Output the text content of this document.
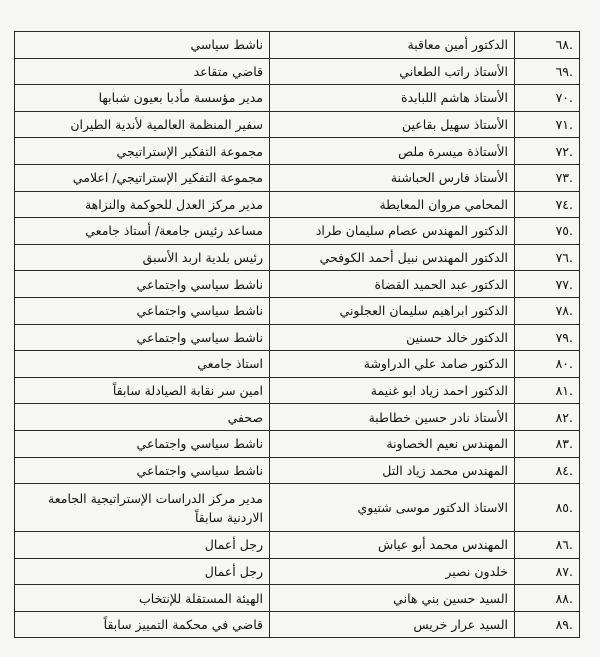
.٦٨	الدكتور أمين معاقبة	ناشط سياسي
.٦٩	الأستاذ راتب الطعاني	قاضي متقاعد
.٧٠	الأستاذ هاشم اللبابدة	مدير مؤسسة مأدبا بعيون شبابها
.٧١	الأستاذ سهيل بقاعين	سفير المنظمة العالمية لأندية الطيران
.٧٢	الأستاذة ميسرة ملص	مجموعة التفكير الإستراتيجي
.٧٣	الأستاذ فارس الحباشنة	مجموعة التفكير الإستراتيجي/ اعلامي
.٧٤	المحامي مروان المعايطة	مدير مركز العدل للحوكمة والنزاهة
.٧٥	الدكتور المهندس عصام سليمان طراد	مساعد رئيس جامعة/ أستاذ جامعي
.٧٦	الدكتور المهندس نبيل أحمد الكوفحي	رئيس بلدية اربد الأسبق
.٧٧	الدكتور عبد الحميد القضاة	ناشط سياسي واجتماعي
.٧٨	الدكتور ابراهيم سليمان العجلوني	ناشط سياسي واجتماعي
.٧٩	الدكتور خالد حسنين	ناشط سياسي واجتماعي
.٨٠	الدكتور صامد علي الدراوشة	استاذ جامعي
.٨١	الدكتور احمد زياد ابو غنيمة	امين سر نقابة الصيادلة سابقاً
.٨٢	الأستاذ نادر حسين خطاطبة	صحفي
.٨٣	المهندس نعيم الخصاونة	ناشط سياسي واجتماعي
.٨٤	المهندس محمد زياد التل	ناشط سياسي واجتماعي
.٨٥	الاستاذ الدكتور موسى شتيوي	مدير مركز الدراسات الإستراتيجية الجامعة الاردنية سابقاً
.٨٦	المهندس محمد أبو عياش	رجل أعمال
.٨٧	خلدون نصير	رجل أعمال
.٨٨	السيد حسين بني هاني	الهيئة المستقلة للإنتخاب
.٨٩	السيد عرار خريس	قاضي في محكمة التمييز سابقاً
